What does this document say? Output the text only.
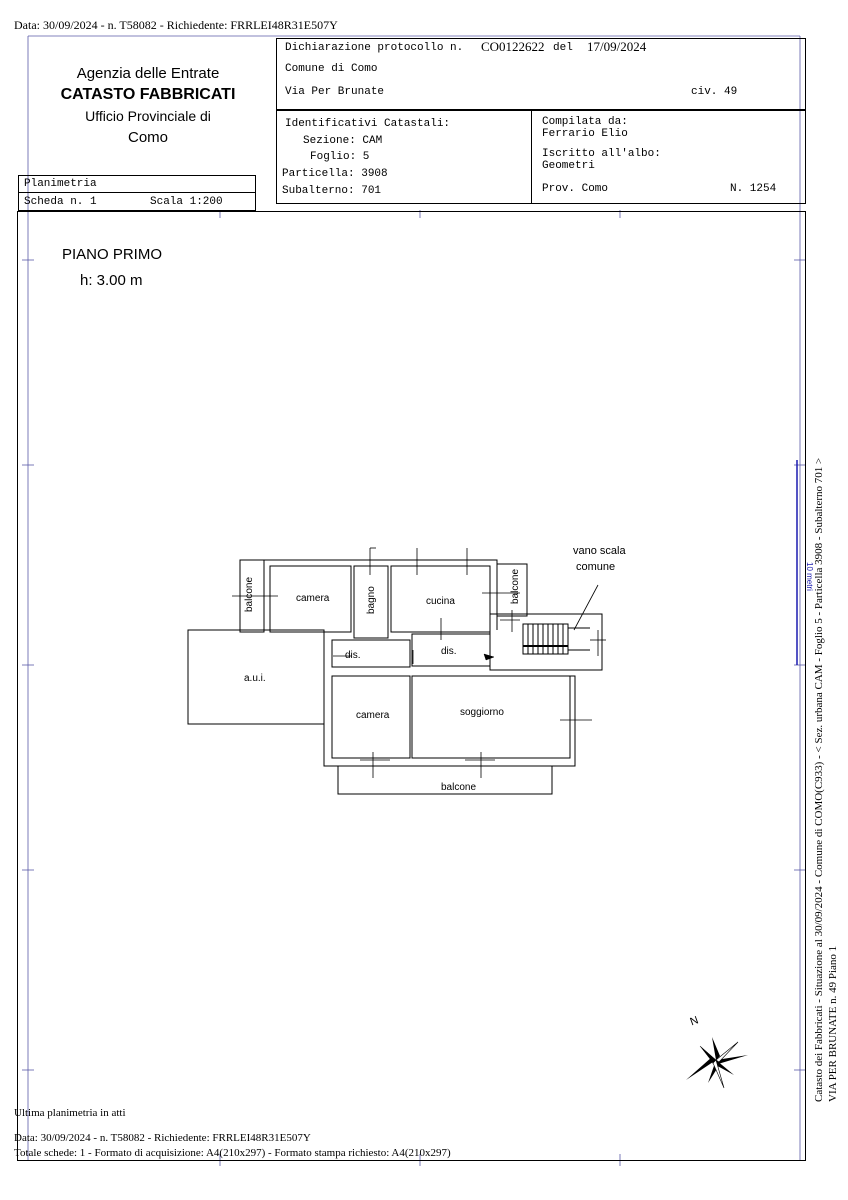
Data: 30/09/2024 - n. T58082 - Richiedente: FRRLEI48R31E507Y
Agenzia delle Entrate
CATASTO FABBRICATI
Ufficio Provinciale di
Como
Dichiarazione protocollo n. CO0122622 del 17/09/2024
Comune di Como
Via Per Brunate	civ. 49
Identificativi Catastali:
Sezione: CAM
Foglio: 5
Particella: 3908
Subalterno: 701
Compilata da:
Ferrario Elio
Iscritto all'albo:
Geometri
Prov. Como	N. 1254
Planimetria
Scheda n. 1	Scala 1:200
PIANO PRIMO
h: 3.00 m
balcone	camera	bagno	cucina	balcone
vano scala
comune
dis.	dis.
a.u.i.
camera	soggiorno
balcone
N
10 metri Catasto dei Fabbricati - Situazione al 30/09/2024 - Comune di COMO(C933) - < Sez. urbana CAM - Foglio 5 - Particella 3908 - Subalterno 701 > VIA PER BRUNATE n. 49 Piano 1
Ultima planimetria in atti
Data: 30/09/2024 - n. T58082 - Richiedente: FRRLEI48R31E507Y
Totale schede: 1 - Formato di acquisizione: A4(210x297) - Formato stampa richiesto: A4(210x297)
